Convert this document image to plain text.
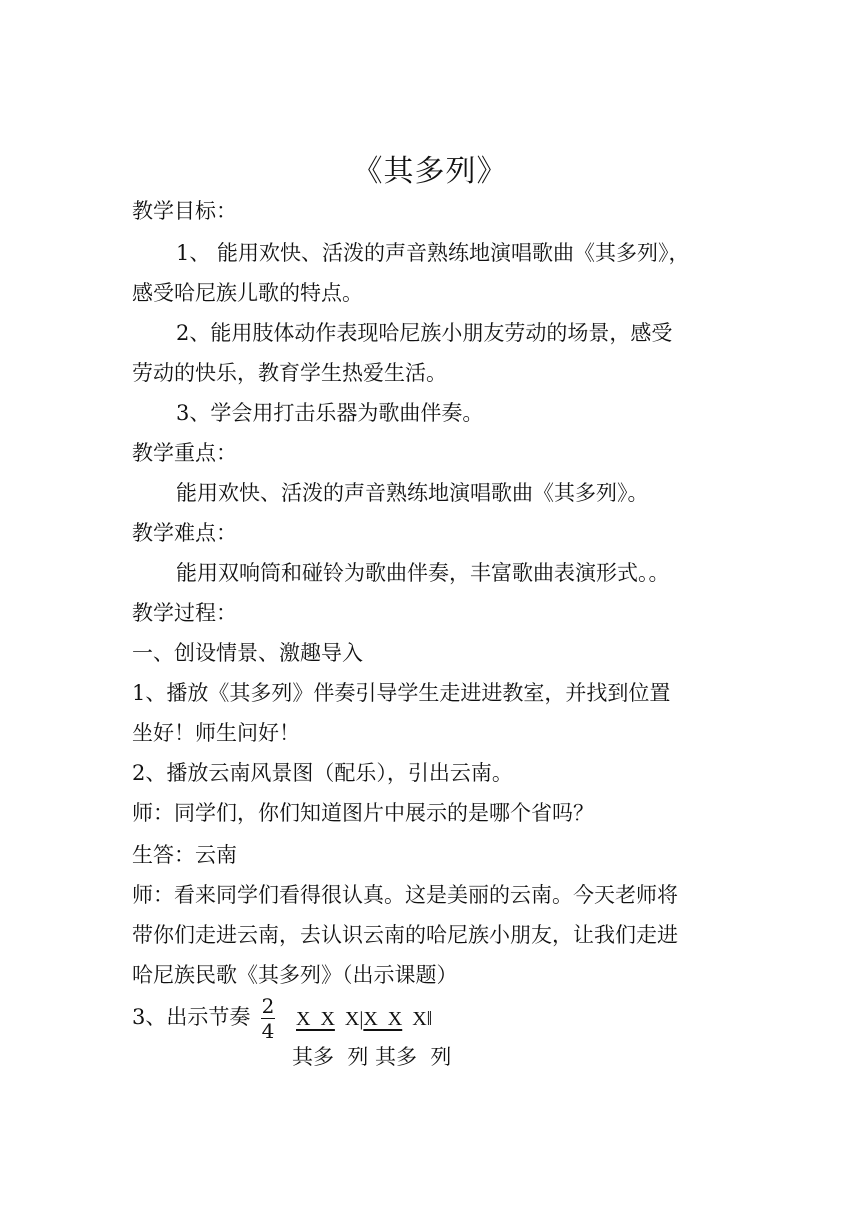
《其多列》
教学目标：
1、 能用欢快、活泼的声音熟练地演唱歌曲《其多列》，
感受哈尼族儿歌的特点。
2、能用肢体动作表现哈尼族小朋友劳动的场景，感受
劳动的快乐，教育学生热爱生活。
3、学会用打击乐器为歌曲伴奏。
教学重点：
能用欢快、活泼的声音熟练地演唱歌曲《其多列》。
教学难点：
能用双响筒和碰铃为歌曲伴奏，丰富歌曲表演形式。。
教学过程：
一、创设情景、激趣导入
1、播放《其多列》伴奏引导学生走进进教室，并找到位置
坐好！师生问好！
2、播放云南风景图（配乐），引出云南。
师：同学们，你们知道图片中展示的是哪个省吗？
生答：云南
师：看来同学们看得很认真。这是美丽的云南。今天老师将
带你们走进云南，去认识云南的哈尼族小朋友，让我们走进
哈尼族民歌《其多列》（出示课题）
3、出示节奏 2
4 X  X  X|X  X  X‖
其多  列 其多  列
